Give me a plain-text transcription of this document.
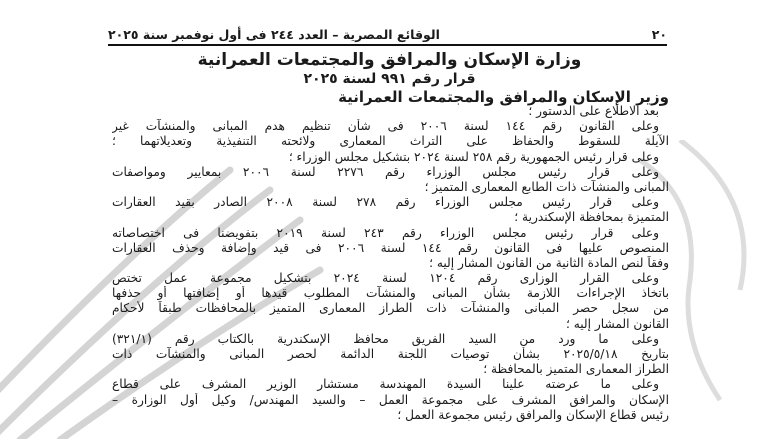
٢٠
الوقائع المصرية – العدد ٢٤٤ فى أول نوفمبر سنة ٢٠٢٥
وزارة الإسكان والمرافق والمجتمعات العمرانية
قرار رقم ٩٩١ لسنة ٢٠٢٥
وزير الإسكان والمرافق والمجتمعات العمرانية
بعد الاطلاع على الدستور ؛
وعلى القانون رقم ١٤٤ لسنة ٢٠٠٦ فى شأن تنظيم هدم المبانى والمنشآت غير
الآيلة للسقوط والحفاظ على التراث المعمارى ولائحته التنفيذية وتعديلاتهما ؛
وعلى قرار رئيس الجمهورية رقم ٢٥٨ لسنة ٢٠٢٤ بتشكيل مجلس الوزراء ؛
وعلى قرار رئيس مجلس الوزراء رقم ٢٢٧٦ لسنة ٢٠٠٦ بمعايير ومواصفات
المبانى والمنشآت ذات الطابع المعمارى المتميز ؛
وعلى قرار رئيس مجلس الوزراء رقم ٢٧٨ لسنة ٢٠٠٨ الصادر بقيد العقارات
المتميزة بمحافظة الإسكندرية ؛
وعلى قرار رئيس مجلس الوزراء رقم ٢٤٣ لسنة ٢٠١٩ بتفويضنا فى اختصاصاته
المنصوص عليها فى القانون رقم ١٤٤ لسنة ٢٠٠٦ فى قيد وإضافة وحذف العقارات
وفقاً لنص المادة الثانية من القانون المشار إليه ؛
وعلى القرار الوزارى رقم ١٢٠٤ لسنة ٢٠٢٤ بتشكيل مجموعة عمل تختص
باتخاذ الإجراءات اللازمة بشأن المبانى والمنشآت المطلوب قيدها أو إضافتها أو حذفها
من سجل حصر المبانى والمنشآت ذات الطراز المعمارى المتميز بالمحافظات طبقاً لأحكام
القانون المشار إليه ؛
وعلى ما ورد من السيد الفريق محافظ الإسكندرية بالكتاب رقم (٣٢١/١)
بتاريخ ٢٠٢٥/٥/١٨ بشأن توصيات اللجنة الدائمة لحصر المبانى والمنشآت ذات
الطراز المعمارى المتميز بالمحافظة ؛
وعلى ما عرضته علينا السيدة المهندسة مستشار الوزير المشرف على قطاع
الإسكان والمرافق المشرف على مجموعة العمل – والسيد المهندس/ وكيل أول الوزارة –
رئيس قطاع الإسكان والمرافق رئيس مجموعة العمل ؛
